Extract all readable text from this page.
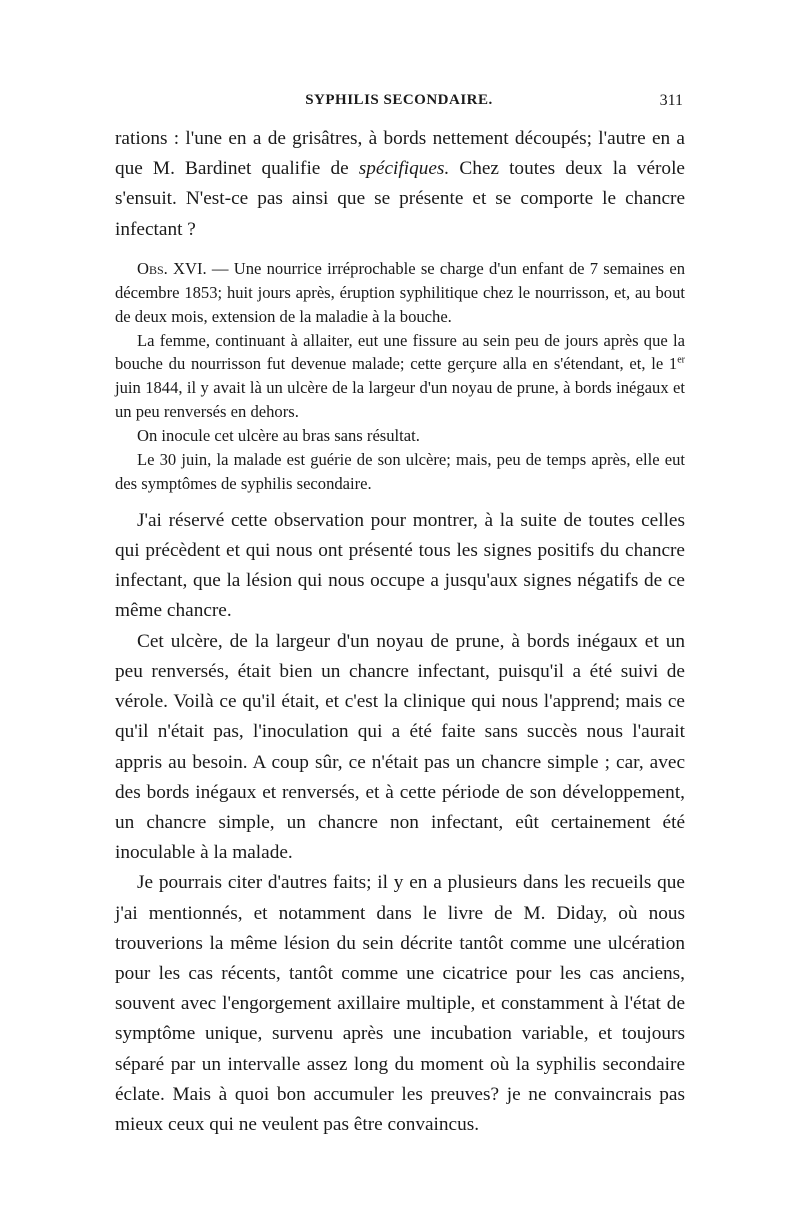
SYPHILIS SECONDAIRE.	311

rations : l'une en a de grisâtres, à bords nettement découpés; l'autre en a que M. Bardinet qualifie de spécifiques. Chez toutes deux la vérole s'ensuit. N'est-ce pas ainsi que se présente et se comporte le chancre infectant ?

Obs. XVI. — Une nourrice irréprochable se charge d'un enfant de 7 semaines en décembre 1853; huit jours après, éruption syphilitique chez le nourrisson, et, au bout de deux mois, extension de la maladie à la bouche.

La femme, continuant à allaiter, eut une fissure au sein peu de jours après que la bouche du nourrisson fut devenue malade; cette gerçure alla en s'étendant, et, le 1er juin 1844, il y avait là un ulcère de la largeur d'un noyau de prune, à bords inégaux et un peu renversés en dehors.

On inocule cet ulcère au bras sans résultat.

Le 30 juin, la malade est guérie de son ulcère; mais, peu de temps après, elle eut des symptômes de syphilis secondaire.

J'ai réservé cette observation pour montrer, à la suite de toutes celles qui précèdent et qui nous ont présenté tous les signes positifs du chancre infectant, que la lésion qui nous occupe a jusqu'aux signes négatifs de ce même chancre.

Cet ulcère, de la largeur d'un noyau de prune, à bords inégaux et un peu renversés, était bien un chancre infectant, puisqu'il a été suivi de vérole. Voilà ce qu'il était, et c'est la clinique qui nous l'apprend; mais ce qu'il n'était pas, l'inoculation qui a été faite sans succès nous l'aurait appris au besoin. A coup sûr, ce n'était pas un chancre simple ; car, avec des bords inégaux et renversés, et à cette période de son développement, un chancre simple, un chancre non infectant, eût certainement été inoculable à la malade.

Je pourrais citer d'autres faits; il y en a plusieurs dans les recueils que j'ai mentionnés, et notamment dans le livre de M. Diday, où nous trouverions la même lésion du sein décrite tantôt comme une ulcération pour les cas récents, tantôt comme une cicatrice pour les cas anciens, souvent avec l'engorgement axillaire multiple, et constamment à l'état de symptôme unique, survenu après une incubation variable, et toujours séparé par un intervalle assez long du moment où la syphilis secondaire éclate. Mais à quoi bon accumuler les preuves? je ne convaincrais pas mieux ceux qui ne veulent pas être convaincus.
